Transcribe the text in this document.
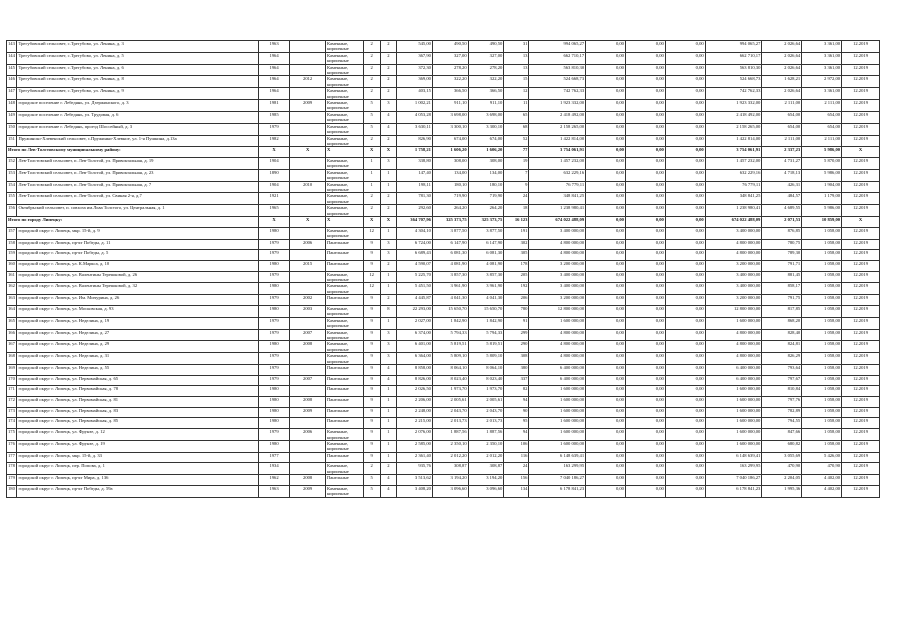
143	Трегубовский сельсовет, с.Трегубово, ул. Ленина, д. 3	1963		Каменные, кирпичные	2	2	545,00	490,50	490,50	31	994 065,27	0,00	0,00	0,00	994 065,27	2 026,64	3 361,00	12.2019
144	Трегубовский сельсовет, с.Трегубово, ул. Ленина, д. 5	1964		Каменные, кирпичные	2	2	367,90	327,00	327,00	13	662 710,17	0,00	0,00	0,00	662 710,17	2 026,64	3 361,00	12.2019
145	Трегубовский сельсовет, с.Трегубово, ул. Ленина, д. 6	1964		Каменные, кирпичные	2	2	372,30	278,20	278,20	13	563 810,30	0,00	0,00	0,00	563 810,30	2 026,64	3 361,00	12.2019
146	Трегубовский сельсовет, с.Трегубово, ул. Ленина, д. 8	1964	2012	Каменные, кирпичные	2	2	369,00	322,20	322,20	15	524 668,73	0,00	0,00	0,00	524 668,73	1 628,21	2 972,00	12.2019
147	Трегубовский сельсовет, с.Трегубово, ул. Ленина, д. 9	1964		Каменные, кирпичные	2	2	403,15	366,50	366,50	12	742 762,33	0,00	0,00	0,00	742 762,33	2 026,64	3 361,00	12.2019
148	городское поселение г. Лебедянь, ул. Дзержинского, д. 3	1981	2009	Каменные, кирпичные	5	3	1 002,21	911,10	911,10	11	1 923 332,00	0,00	0,00	0,00	1 923 332,00	2 111,00	2 111,00	12.2019
149	городское поселение г. Лебедянь, ул. Трудовая, д. 6	1985		Каменные, кирпичные	5	4	4 053,28	3 698,00	3 698,00	65	2 418 492,00	0,00	0,00	0,00	2 418 492,00	654,00	654,00	12.2019
150	городское поселение г. Лебедянь, проезд Шоссейный, д. 3	1979		Каменные, кирпичные	5	4	3 630,11	3 300,10	3 300,10	68	2 158 265,00	0,00	0,00	0,00	2 158 265,00	654,00	654,00	12.2019
151	Пружинско-Хлевенский сельсовет, с.Пружинки-Хлевное, ул. 1-я Пушкина, д.13а	1982		Каменные, кирпичные	2	2	826,90	674,00	674,00	52	1 422 814,00	0,00	0,00	0,00	1 422 814,00	2 111,00	2 111,00	12.2019
Итого по Лев-Толстовскому муниципальному району:		X	X	X	X	X	1 758,21	1 606,20	1 606,20	77	3 754 061,91	0,00	0,00	0,00	3 754 061,91	2 337,23	5 986,00	X
152	Лев-Толстовский сельсовет, п. Лев-Толстой, ул. Привокзальная, д. 19	1904		Каменные, кирпичные	1	3	338,80	308,00	308,00	19	1 457 232,00	0,00	0,00	0,00	1 457 232,00	4 731,27	5 870,00	12.2019
153	Лев-Толстовский сельсовет, п. Лев-Толстой, ул. Привокзальная, д. 23	1890		Каменные, кирпичные	1	1	147,40	134,00	134,00	7	632 229,16	0,00	0,00	0,00	632 229,16	4 718,13	5 986,00	12.2019
154	Лев-Толстовский сельсовет, п. Лев-Толстой, ул. Привокзальная, д. 7	1904	2010	Каменные, кирпичные	1	1	198,11	180,10	180,10	9	76 779,11	0,00	0,00	0,00	76 779,11	426,31	1 904,00	12.2019
155	Лев-Толстовский сельсовет, п. Лев-Толстой, ул. Свиная 2-я, д.7	1921		Каменные, кирпичные	2	2	781,30	719,90	719,90	24	348 841,25	0,00	0,00	0,00	348 841,25	484,57	1 179,00	12.2019
156	Октябрьский сельсовет, п. совхоза им.Льва Толстого, ул. Центральная, д. 1	1965		Каменные, кирпичные	2	2	292,60	264,20	264,20	18	1 238 980,41	0,00	0,00	0,00	1 238 980,41	4 689,55	5 986,00	12.2019
Итого по городу Липецку:		X	X	X	X	X	364 707,96	325 373,75	325 373,75	16 123	674 022 488,09	0,00	0,00	0,00	674 022 488,09	2 071,53	10 859,00	X
157	городской округ г. Липецк, мкр. 15-й, д. 9	1980		Каменные, кирпичные	12	1	4 304,10	3 877,50	3 877,50	191	3 400 000,00	0,00	0,00	0,00	3 400 000,00	876,85	1 058,00	12.2019
158	городской округ г. Липецк, пр-кт Победы, д. 11	1979	2006	Панельные	9	3	6 724,00	6 147,90	6 147,90	302	4 800 000,00	0,00	0,00	0,00	4 800 000,00	780,75	1 058,00	12.2019
159	городской округ г. Липецк, пр-кт Победы, д. 5	1979		Панельные	9	3	6 689,43	6 081,30	6 081,30	305	4 800 000,00	0,00	0,00	0,00	4 800 000,00	789,30	1 058,00	12.2019
160	городской округ г. Липецк, ул. К.Маркса, д. 10	1980	2015	Панельные	9	2	4 590,07	4 081,90	4 081,90	178	3 200 000,00	0,00	0,00	0,00	3 200 000,00	791,71	1 058,00	12.2019
161	городской округ г. Липецк, ул. Валентины Терешковой, д. 26	1979		Каменные, кирпичные	12	1	5 225,70	3 857,30	3 857,30	205	3 400 000,00	0,00	0,00	0,00	3 400 000,00	881,45	1 058,00	12.2019
162	городской округ г. Липецк, ул. Валентины Терешковой, д. 32	1980		Каменные, кирпичные	12	1	5 451,50	3 961,90	3 961,90	192	3 400 000,00	0,00	0,00	0,00	3 400 000,00	858,17	1 058,00	12.2019
163	городской округ г. Липецк, ул. Им. Мичурина, д. 26	1979	2002	Панельные	9	2	4 445,87	4 041,30	4 041,30	206	3 200 000,00	0,00	0,00	0,00	3 200 000,00	791,75	1 058,00	12.2019
164	городской округ г. Липецк, ул. Московская, д. 93	1980	2003	Каменные, кирпичные	9	8	22 293,00	15 650,70	15 650,70	780	12 800 000,00	0,00	0,00	0,00	12 800 000,00	817,85	1 058,00	12.2019
165	городской округ г. Липецк, ул. Неделина, д. 19	1979		Каменные, кирпичные	9	1	2 027,00	1 842,90	1 842,90	91	1 600 000,00	0,00	0,00	0,00	1 600 000,00	868,20	1 058,00	12.2019
166	городской округ г. Липецк, ул. Неделина, д. 27	1979	2007	Каменные, кирпичные	9	3	6 374,00	5 794,33	5 794,33	299	4 800 000,00	0,00	0,00	0,00	4 800 000,00	828,40	1 058,00	12.2019
167	городской округ г. Липецк, ул. Неделина, д. 29	1980	2008	Каменные, кирпичные	9	3	6 401,00	5 819,51	5 819,51	290	4 800 000,00	0,00	0,00	0,00	4 800 000,00	824,81	1 058,00	12.2019
168	городской округ г. Липецк, ул. Неделина, д. 31	1979		Каменные, кирпичные	9	3	6 364,00	5 809,10	5 809,10	308	4 800 000,00	0,00	0,00	0,00	4 800 000,00	826,29	1 058,00	12.2019
169	городской округ г. Липецк, ул. Неделина, д. 55	1979		Панельные	9	4	8 858,00	8 064,10	8 064,10	380	6 400 000,00	0,00	0,00	0,00	6 400 000,00	793,64	1 058,00	12.2019
170	городской округ г. Липецк, ул. Первомайская, д. 65	1979	2007	Панельные	9	4	8 826,00	8 023,40	8 023,40	337	6 400 000,00	0,00	0,00	0,00	6 400 000,00	797,67	1 058,00	12.2019
171	городской округ г. Липецк, ул. Первомайская, д. 78	1980		Панельные	9	1	2 026,50	1 973,70	1 973,70	82	1 600 000,00	0,00	0,00	0,00	1 600 000,00	810,84	1 058,00	12.2019
172	городской округ г. Липецк, ул. Первомайская, д. 81	1980	2008	Панельные	9	1	2 206,00	2 005,61	2 005,61	94	1 600 000,00	0,00	0,00	0,00	1 600 000,00	797,76	1 058,00	12.2019
173	городской округ г. Липецк, ул. Первомайская, д. 83	1980	2009	Панельные	9	1	2 248,00	2 043,70	2 043,70	90	1 600 000,00	0,00	0,00	0,00	1 600 000,00	782,89	1 058,00	12.2019
174	городской округ г. Липецк, ул. Первомайская, д. 85	1980		Панельные	9	1	2 215,00	2 013,73	2 013,73	95	1 600 000,00	0,00	0,00	0,00	1 600 000,00	794,55	1 058,00	12.2019
175	городской округ г. Липецк, ул. Фрунзе, д. 12	1979	2006	Каменные, кирпичные	9	1	2 076,00	1 887,56	1 887,56	94	1 600 000,00	0,00	0,00	0,00	1 600 000,00	847,66	1 058,00	12.2019
176	городской округ г. Липецк, ул. Фрунзе, д. 19	1980		Каменные, кирпичные	9	1	2 585,00	2 350,10	2 350,10	106	1 600 000,00	0,00	0,00	0,00	1 600 000,00	680,82	1 058,00	12.2019
177	городской округ г. Липецк, мкр. 15-й, д. 33	1977		Панельные	9	1	2 361,40	2 012,20	2 012,20	116	6 148 639,41	0,00	0,00	0,00	6 148 639,41	3 055,69	5 426,00	12.2019
178	городской округ г. Липецк, пер. Попова, д. 1	1934		Каменные, кирпичные	2	2	935,76	308,87	308,87	24	163 299,95	0,00	0,00	0,00	163 299,95	470,90	470,90	12.2019
179	городской округ г. Липецк, пр-кт Мира, д. 136	1962	2008	Панельные	5	4	3 513,62	3 194,20	3 194,20	156	7 040 186,27	0,00	0,00	0,00	7 040 186,27	2 204,05	4 402,00	12.2019
180	городской округ г. Липецк, пр-кт Победы, д. 59а	1963	2009	Каменные, кирпичные	5	4	3 408,20	3 096,60	3 096,60	134	6 178 841,23	0,00	0,00	0,00	6 178 841,23	1 995,36	4 402,00	12.2019
